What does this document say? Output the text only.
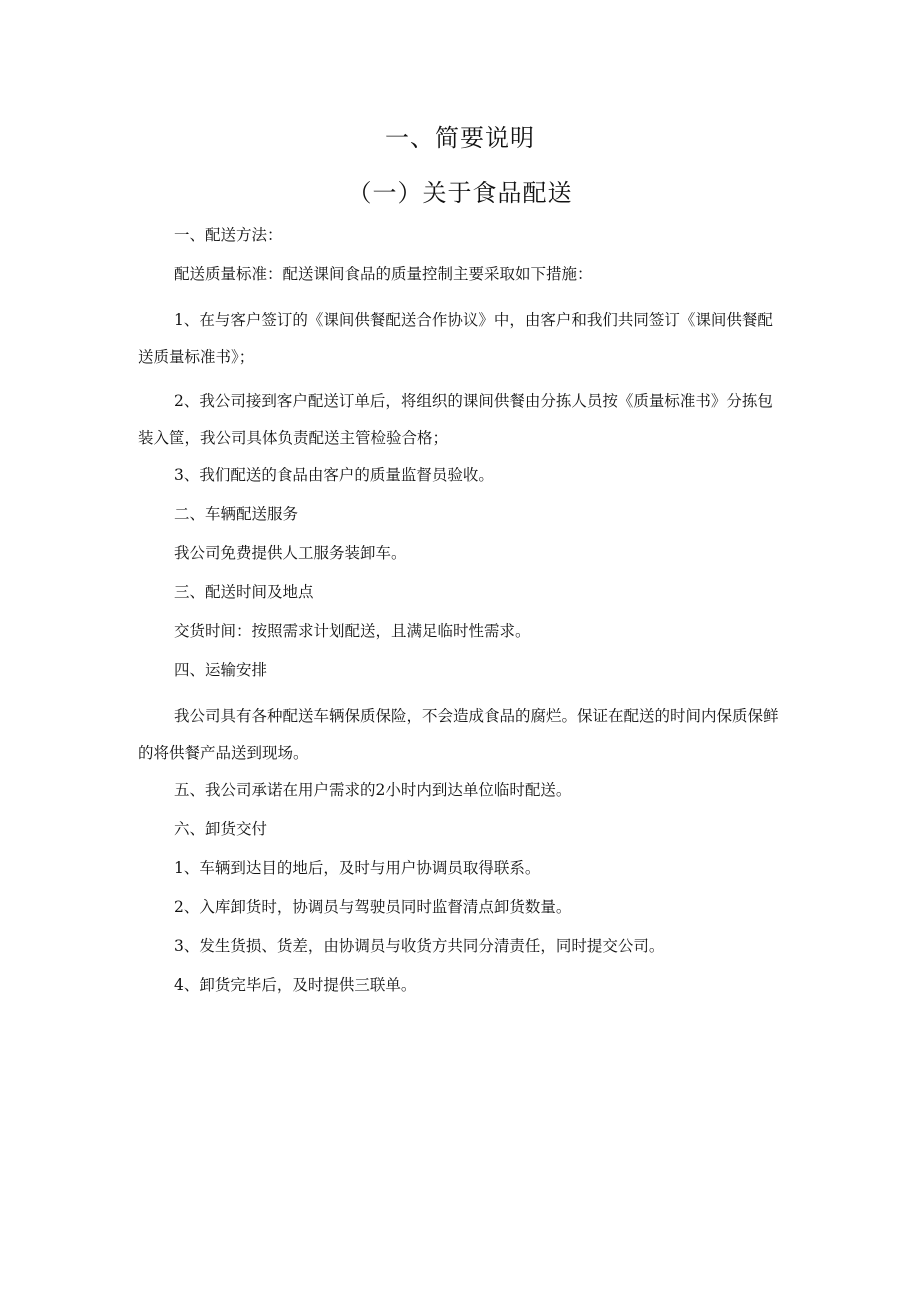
一、简要说明
（一）关于食品配送

一、配送方法：

配送质量标准：配送课间食品的质量控制主要采取如下措施：

1、在与客户签订的《课间供餐配送合作协议》中，由客户和我们共同签订《课间供餐配送质量标准书》；

2、我公司接到客户配送订单后，将组织的课间供餐由分拣人员按《质量标准书》分拣包装入筐，我公司具体负责配送主管检验合格；

3、我们配送的食品由客户的质量监督员验收。

二、车辆配送服务

我公司免费提供人工服务装卸车。

三、配送时间及地点

交货时间：按照需求计划配送，且满足临时性需求。

四、运输安排

我公司具有各种配送车辆保质保险，不会造成食品的腐烂。保证在配送的时间内保质保鲜的将供餐产品送到现场。

五、我公司承诺在用户需求的2小时内到达单位临时配送。

六、卸货交付

1、车辆到达目的地后，及时与用户协调员取得联系。

2、入库卸货时，协调员与驾驶员同时监督清点卸货数量。

3、发生货损、货差，由协调员与收货方共同分清责任，同时提交公司。

4、卸货完毕后，及时提供三联单。
